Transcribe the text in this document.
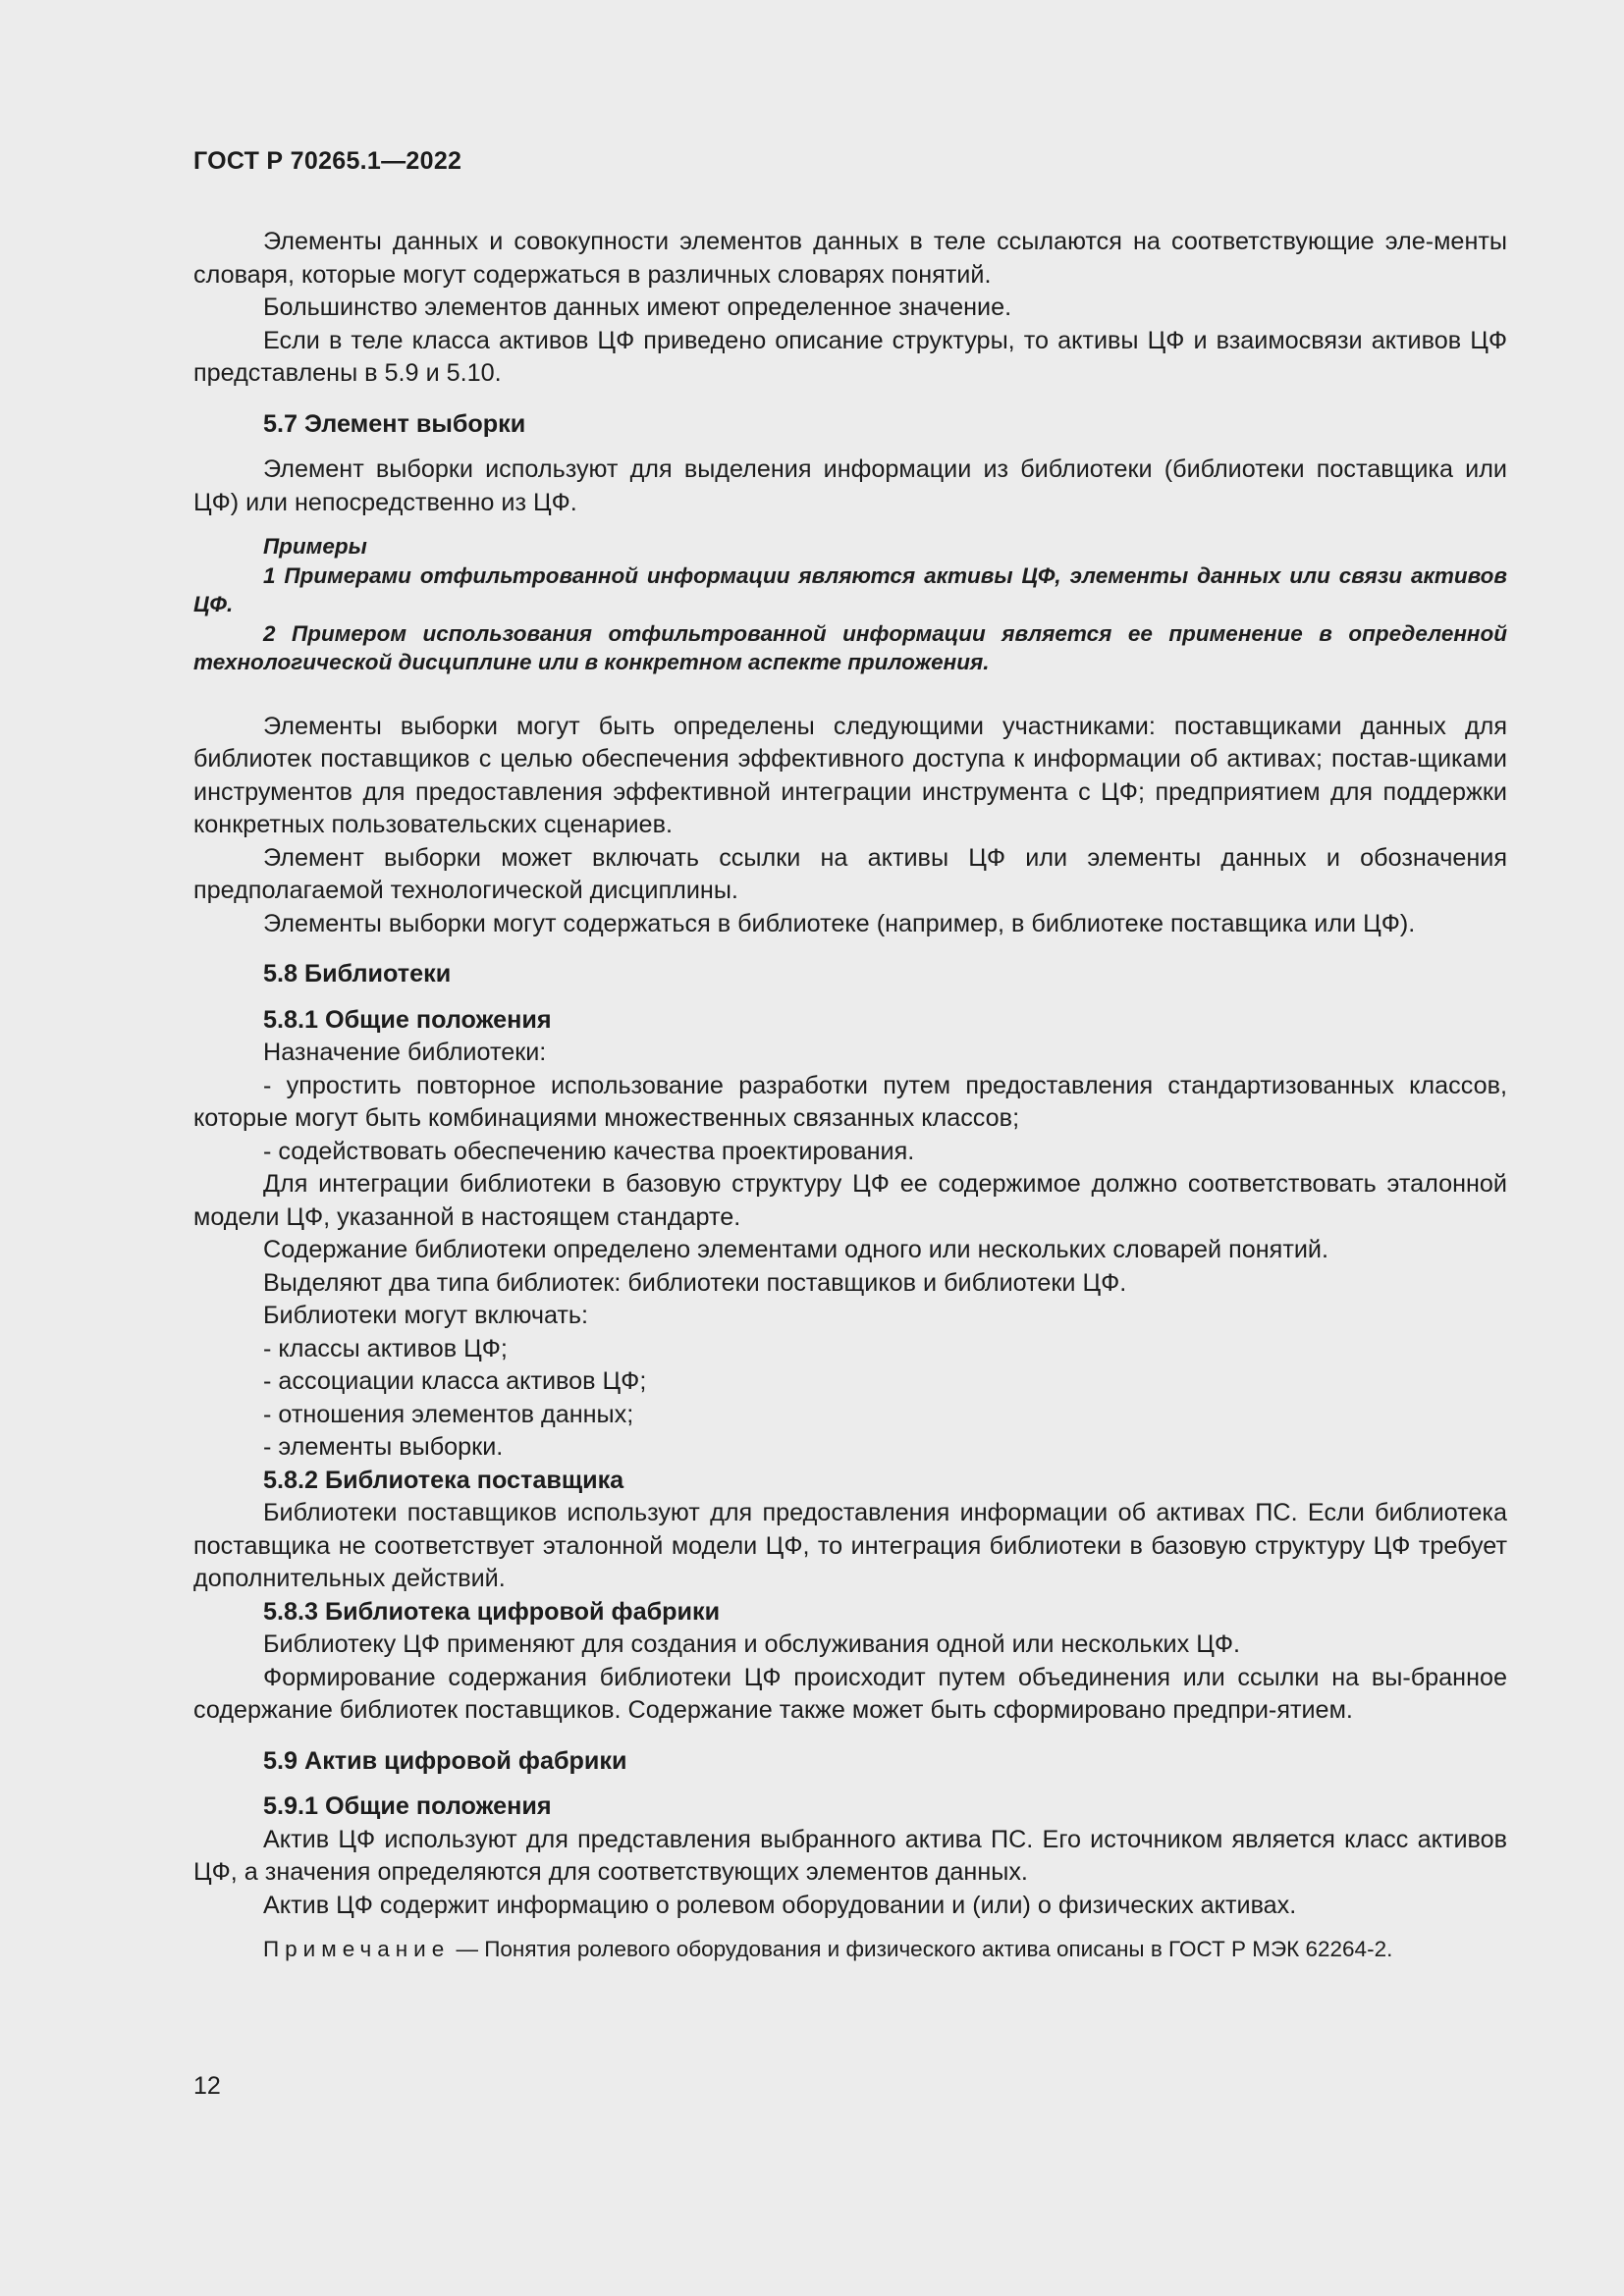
ГОСТ Р 70265.1—2022

Элементы данных и совокупности элементов данных в теле ссылаются на соответствующие эле-менты словаря, которые могут содержаться в различных словарях понятий.

Большинство элементов данных имеют определенное значение.

Если в теле класса активов ЦФ приведено описание структуры, то активы ЦФ и взаимосвязи активов ЦФ представлены в 5.9 и 5.10.

5.7 Элемент выборки

Элемент выборки используют для выделения информации из библиотеки (библиотеки поставщика или ЦФ) или непосредственно из ЦФ.

Примеры

1 Примерами отфильтрованной информации являются активы ЦФ, элементы данных или связи активов ЦФ.

2 Примером использования отфильтрованной информации является ее применение в определенной технологической дисциплине или в конкретном аспекте приложения.

Элементы выборки могут быть определены следующими участниками: поставщиками данных для библиотек поставщиков с целью обеспечения эффективного доступа к информации об активах; постав-щиками инструментов для предоставления эффективной интеграции инструмента с ЦФ; предприятием для поддержки конкретных пользовательских сценариев.

Элемент выборки может включать ссылки на активы ЦФ или элементы данных и обозначения предполагаемой технологической дисциплины.

Элементы выборки могут содержаться в библиотеке (например, в библиотеке поставщика или ЦФ).

5.8 Библиотеки

5.8.1 Общие положения

Назначение библиотеки:

- упростить повторное использование разработки путем предоставления стандартизованных классов, которые могут быть комбинациями множественных связанных классов;

- содействовать обеспечению качества проектирования.

Для интеграции библиотеки в базовую структуру ЦФ ее содержимое должно соответствовать эталонной модели ЦФ, указанной в настоящем стандарте.

Содержание библиотеки определено элементами одного или нескольких словарей понятий.

Выделяют два типа библиотек: библиотеки поставщиков и библиотеки ЦФ.

Библиотеки могут включать:

- классы активов ЦФ;

- ассоциации класса активов ЦФ;

- отношения элементов данных;

- элементы выборки.

5.8.2 Библиотека поставщика

Библиотеки поставщиков используют для предоставления информации об активах ПС. Если библиотека поставщика не соответствует эталонной модели ЦФ, то интеграция библиотеки в базовую структуру ЦФ требует дополнительных действий.

5.8.3 Библиотека цифровой фабрики

Библиотеку ЦФ применяют для создания и обслуживания одной или нескольких ЦФ.

Формирование содержания библиотеки ЦФ происходит путем объединения или ссылки на вы-бранное содержание библиотек поставщиков. Содержание также может быть сформировано предпри-ятием.

5.9 Актив цифровой фабрики

5.9.1 Общие положения

Актив ЦФ используют для представления выбранного актива ПС. Его источником является класс активов ЦФ, а значения определяются для соответствующих элементов данных.

Актив ЦФ содержит информацию о ролевом оборудовании и (или) о физических активах.

Примечание — Понятия ролевого оборудования и физического актива описаны в ГОСТ Р МЭК 62264-2.

12
